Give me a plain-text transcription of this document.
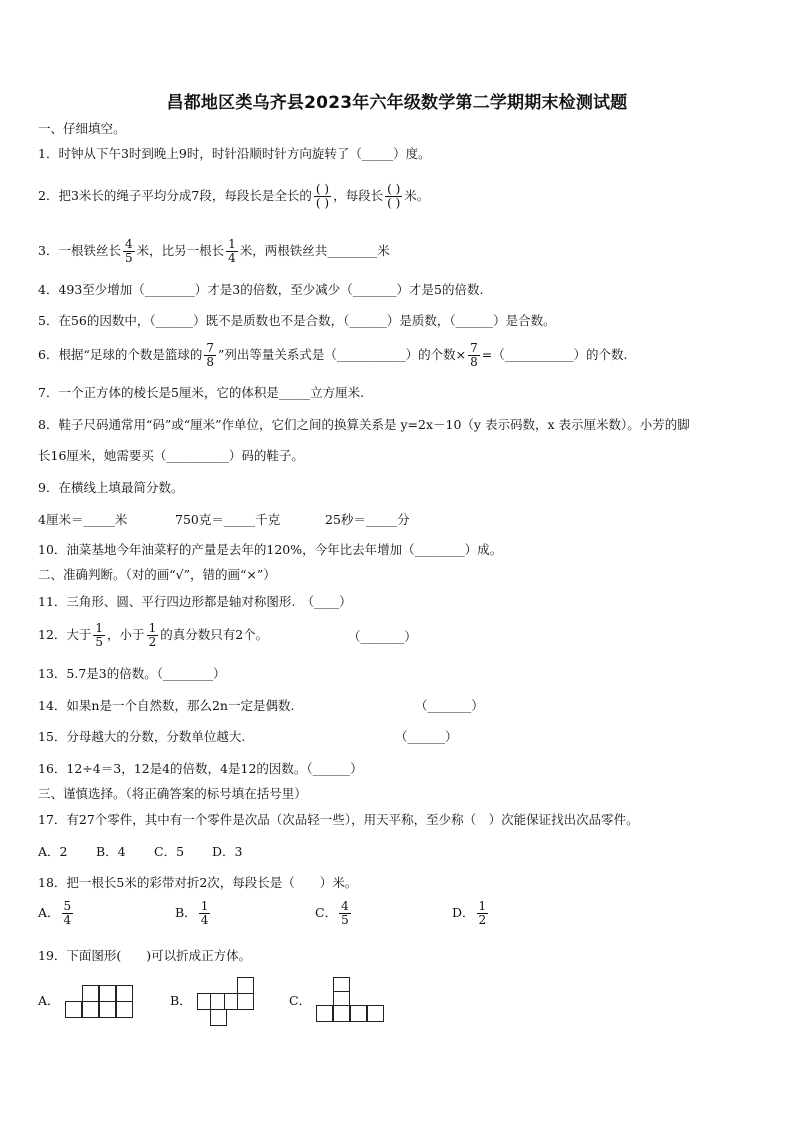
昌都地区类乌齐县2023年六年级数学第二学期期末检测试题
一、仔细填空。
1．时钟从下午3时到晚上9时，时针沿顺时针方向旋转了（_____）度。
2．把3米长的绳子平均分成7段，每段长是全长的 $\frac{( )}{( )}$ ，每段长 $\frac{( )}{( )}$ 米。
3．一根铁丝长 $\frac{4}{5}$ 米，比另一根长 $\frac{1}{4}$ 米，两根铁丝共________米
4．493至少增加（________）才是3的倍数，至少减少（_______）才是5的倍数.
5．在56的因数中，（______）既不是质数也不是合数，（______）是质数，（______）是合数。
6．根据“足球的个数是篮球的 $\frac{7}{8}$ ”列出等量关系式是（___________）的个数× $\frac{7}{8}$ =（___________）的个数.
7．一个正方体的棱长是5厘米，它的体积是_____立方厘米.
8．鞋子尺码通常用“码”或“厘米”作单位，它们之间的换算关系是 y=2x－10（y 表示码数，x 表示厘米数）。小芳的脚
长16厘米，她需要买（__________）码的鞋子。
9．在横线上填最简分数。
4厘米＝_____米	750克＝_____千克	25秒＝_____分
10．油菜基地今年油菜籽的产量是去年的120%，今年比去年增加（________）成。
二、准确判断。（对的画“√”，错的画“×”）
11．三角形、圆、平行四边形都是轴对称图形.　（____）
12．大于 $\frac{1}{5}$ ，小于 $\frac{1}{2}$ 的真分数只有2个。	（_______）
13．5.7是3的倍数。（________）
14．如果n是一个自然数，那么2n一定是偶数.	（_______）
15．分母越大的分数，分数单位越大.	（______）
16．12÷4＝3，12是4的倍数，4是12的因数。（______）
三、谨慎选择。（将正确答案的标号填在括号里）
17．有27个零件，其中有一个零件是次品（次品轻一些），用天平称，至少称（　）次能保证找出次品零件。
A．2 B．4 C．5 D．3
18．把一根长5米的彩带对折2次，每段长是（　　）米。
A． $\frac{5}{4}$	B． $\frac{1}{4}$	C． $\frac{4}{5}$	D． $\frac{1}{2}$
19．下面图形(　　)可以折成正方体。
A．	B．	C．
